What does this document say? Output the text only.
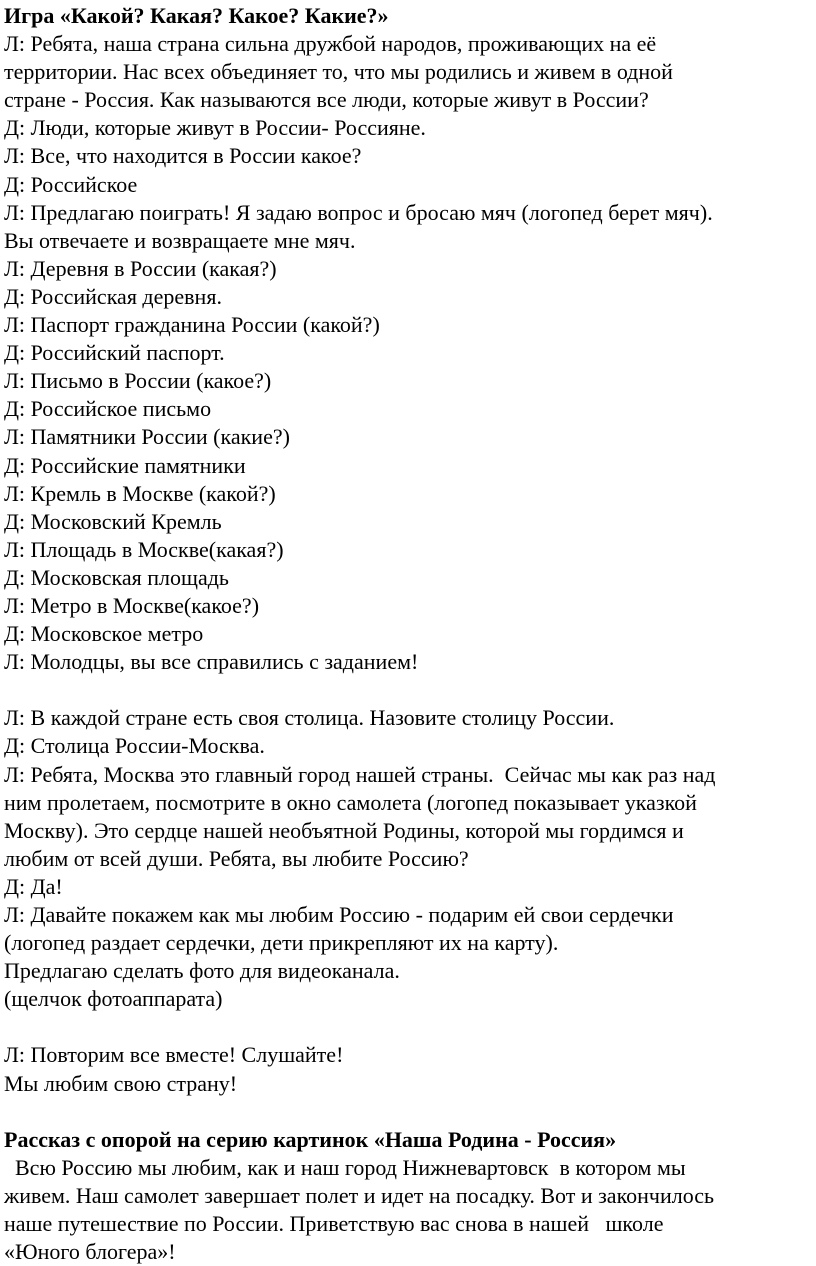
Игра «Какой? Какая? Какое? Какие?»
Л: Ребята, наша страна сильна дружбой народов, проживающих на её
территории. Нас всех объединяет то, что мы родились и живем в одной
стране - Россия. Как называются все люди, которые живут в России?
Д: Люди, которые живут в России- Россияне.
Л: Все, что находится в России какое?
Д: Российское
Л: Предлагаю поиграть! Я задаю вопрос и бросаю мяч (логопед берет мяч).
Вы отвечаете и возвращаете мне мяч.
Л: Деревня в России (какая?)
Д: Российская деревня.
Л: Паспорт гражданина России (какой?)
Д: Российский паспорт.
Л: Письмо в России (какое?)
Д: Российское письмо
Л: Памятники России (какие?)
Д: Российские памятники
Л: Кремль в Москве (какой?)
Д: Московский Кремль
Л: Площадь в Москве(какая?)
Д: Московская площадь
Л: Метро в Москве(какое?)
Д: Московское метро
Л: Молодцы, вы все справились с заданием!
Л: В каждой стране есть своя столица. Назовите столицу России.
Д: Столица России-Москва.
Л: Ребята, Москва это главный город нашей страны.  Сейчас мы как раз над
ним пролетаем, посмотрите в окно самолета (логопед показывает указкой
Москву). Это сердце нашей необъятной Родины, которой мы гордимся и
любим от всей души. Ребята, вы любите Россию?
Д: Да!
Л: Давайте покажем как мы любим Россию - подарим ей свои сердечки
(логопед раздает сердечки, дети прикрепляют их на карту).
Предлагаю сделать фото для видеоканала.
(щелчок фотоаппарата)
Л: Повторим все вместе! Слушайте!
Мы любим свою страну!
Рассказ с опорой на серию картинок «Наша Родина - Россия»
Всю Россию мы любим, как и наш город Нижневартовск  в котором мы
живем. Наш самолет завершает полет и идет на посадку. Вот и закончилось
наше путешествие по России. Приветствую вас снова в нашей   школе
«Юного блогера»!
